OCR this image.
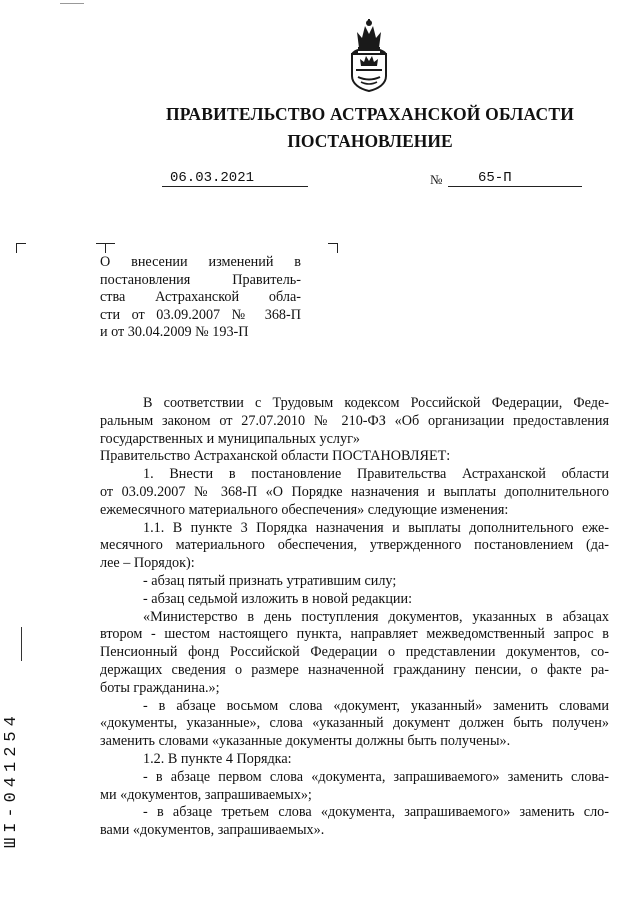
ПРАВИТЕЛЬСТВО АСТРАХАНСКОЙ ОБЛАСТИ
ПОСТАНОВЛЕНИЕ
06.03.2021	№	65-П
О внесении изменений в
постановления Правитель-
ства Астраханской обла-
сти от 03.09.2007 № 368-П
и от 30.04.2009 № 193-П
В соответствии с Трудовым кодексом Российской Федерации, Феде-
ральным законом от 27.07.2010 № 210-ФЗ «Об организации предоставления
государственных и муниципальных услуг»
Правительство Астраханской области ПОСТАНОВЛЯЕТ:
1. Внести в постановление Правительства Астраханской области
от 03.09.2007 № 368-П «О Порядке назначения и выплаты дополнительного
ежемесячного материального обеспечения» следующие изменения:
1.1. В пункте 3 Порядка назначения и выплаты дополнительного еже-
месячного материального обеспечения, утвержденного постановлением (да-
лее – Порядок):
- абзац пятый признать утратившим силу;
- абзац седьмой изложить в новой редакции:
«Министерство в день поступления документов, указанных в абзацах
втором - шестом настоящего пункта, направляет межведомственный запрос в
Пенсионный фонд Российской Федерации о представлении документов, со-
держащих сведения о размере назначенной гражданину пенсии, о факте ра-
боты гражданина.»;
- в абзаце восьмом слова «документ, указанный» заменить словами
«документы, указанные», слова «указанный документ должен быть получен»
заменить словами «указанные документы должны быть получены».
1.2. В пункте 4 Порядка:
- в абзаце первом слова «документа, запрашиваемого» заменить слова-
ми «документов, запрашиваемых»;
- в абзаце третьем слова «документа, запрашиваемого» заменить сло-
вами «документов, запрашиваемых».
ШI-041254
